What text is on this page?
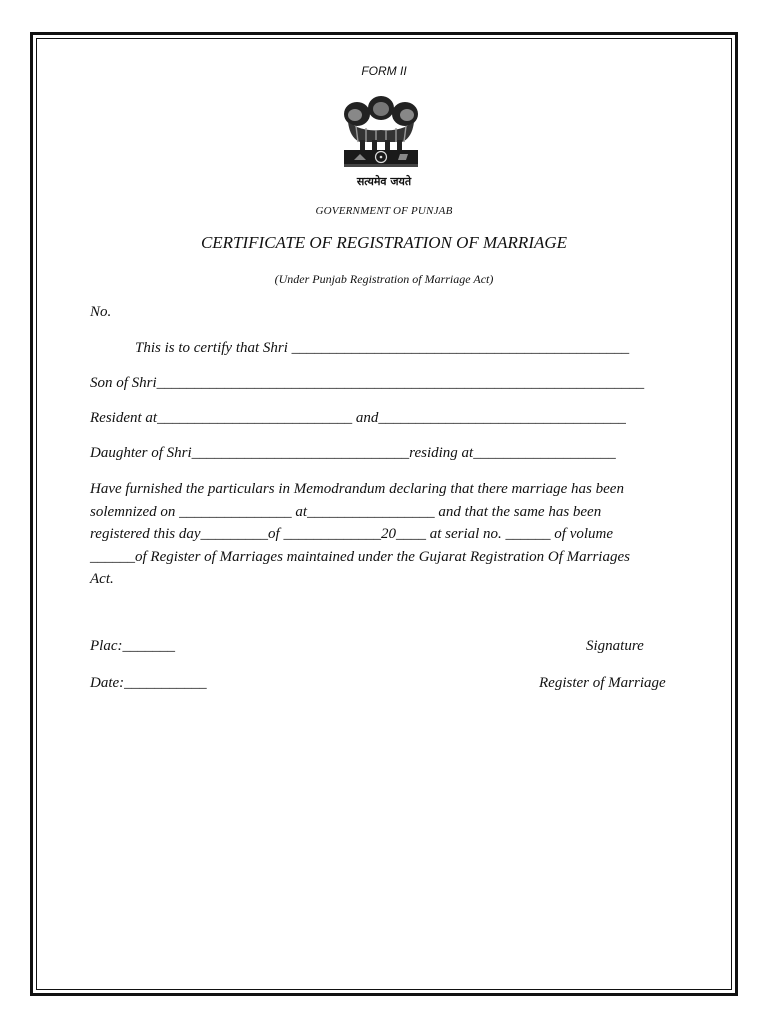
FORM II
सत्यमेव जयते
GOVERNMENT OF PUNJAB
CERTIFICATE OF REGISTRATION OF MARRIAGE
(Under Punjab Registration of Marriage Act)
No.
This is to certify that Shri _____________________________________________
Son of Shri_________________________________________________________________
Resident at__________________________ and_________________________________
Daughter of Shri_____________________________residing at___________________
Have furnished the particulars in Memodrandum declaring that there marriage has been
solemnized on _______________ at_________________ and that the same has been
registered this day_________of _____________20____ at serial no. ______ of volume
______of Register of Marriages maintained under the Gujarat Registration Of Marriages
Act.
Plac:_______
Date:___________
Signature
Register of Marriage
